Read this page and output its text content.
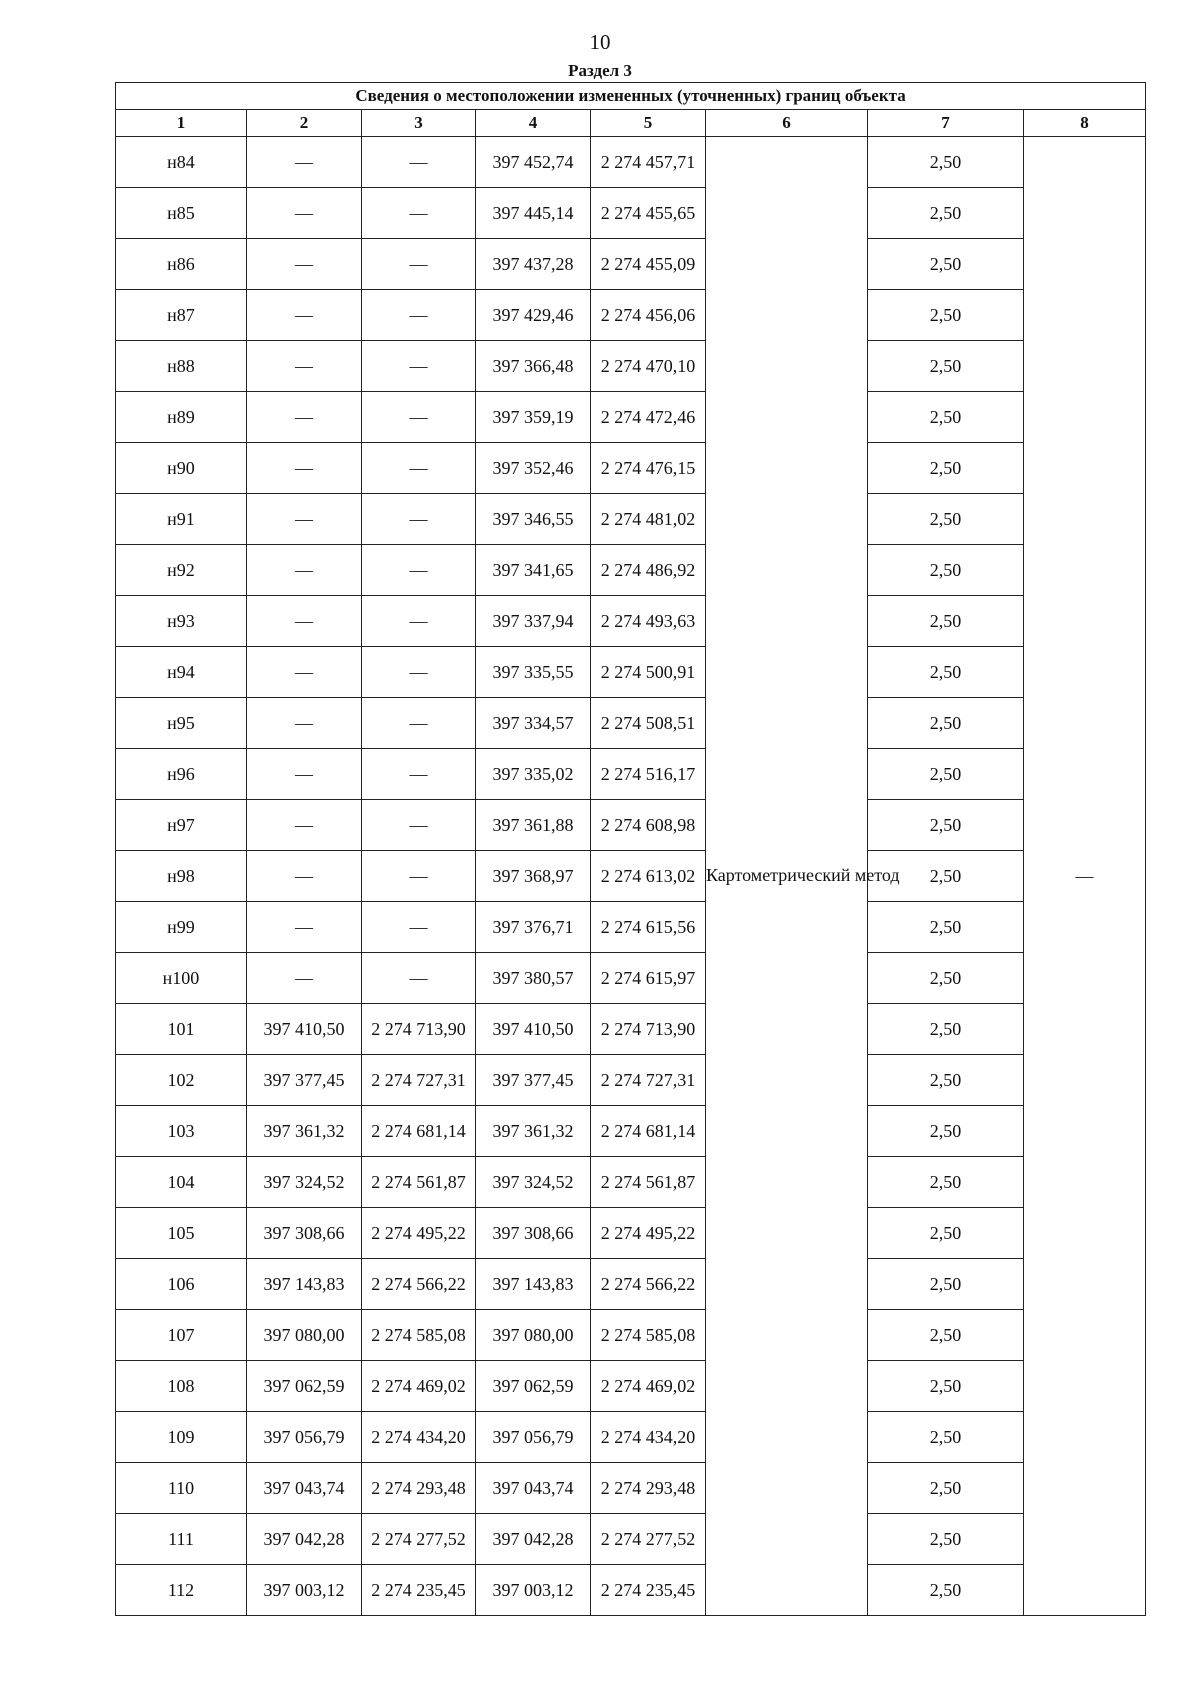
10
Раздел 3
Сведения о местоположении измененных (уточненных) границ объекта							
1	2	3	4	5	6	7	8
н84	—	—	397 452,74	2 274 457,71	Картометрический метод	2,50	—
н85	—	—	397 445,14	2 274 455,65		2,50	
н86	—	—	397 437,28	2 274 455,09		2,50	
н87	—	—	397 429,46	2 274 456,06		2,50	
н88	—	—	397 366,48	2 274 470,10		2,50	
н89	—	—	397 359,19	2 274 472,46		2,50	
н90	—	—	397 352,46	2 274 476,15		2,50	
н91	—	—	397 346,55	2 274 481,02		2,50	
н92	—	—	397 341,65	2 274 486,92		2,50	
н93	—	—	397 337,94	2 274 493,63		2,50	
н94	—	—	397 335,55	2 274 500,91		2,50	
н95	—	—	397 334,57	2 274 508,51		2,50	
н96	—	—	397 335,02	2 274 516,17		2,50	
н97	—	—	397 361,88	2 274 608,98		2,50	
н98	—	—	397 368,97	2 274 613,02		2,50	
н99	—	—	397 376,71	2 274 615,56		2,50	
н100	—	—	397 380,57	2 274 615,97		2,50	
101	397 410,50	2 274 713,90	397 410,50	2 274 713,90		2,50	
102	397 377,45	2 274 727,31	397 377,45	2 274 727,31		2,50	
103	397 361,32	2 274 681,14	397 361,32	2 274 681,14		2,50	
104	397 324,52	2 274 561,87	397 324,52	2 274 561,87		2,50	
105	397 308,66	2 274 495,22	397 308,66	2 274 495,22		2,50	
106	397 143,83	2 274 566,22	397 143,83	2 274 566,22		2,50	
107	397 080,00	2 274 585,08	397 080,00	2 274 585,08		2,50	
108	397 062,59	2 274 469,02	397 062,59	2 274 469,02		2,50	
109	397 056,79	2 274 434,20	397 056,79	2 274 434,20		2,50	
110	397 043,74	2 274 293,48	397 043,74	2 274 293,48		2,50	
111	397 042,28	2 274 277,52	397 042,28	2 274 277,52		2,50	
112	397 003,12	2 274 235,45	397 003,12	2 274 235,45		2,50	
